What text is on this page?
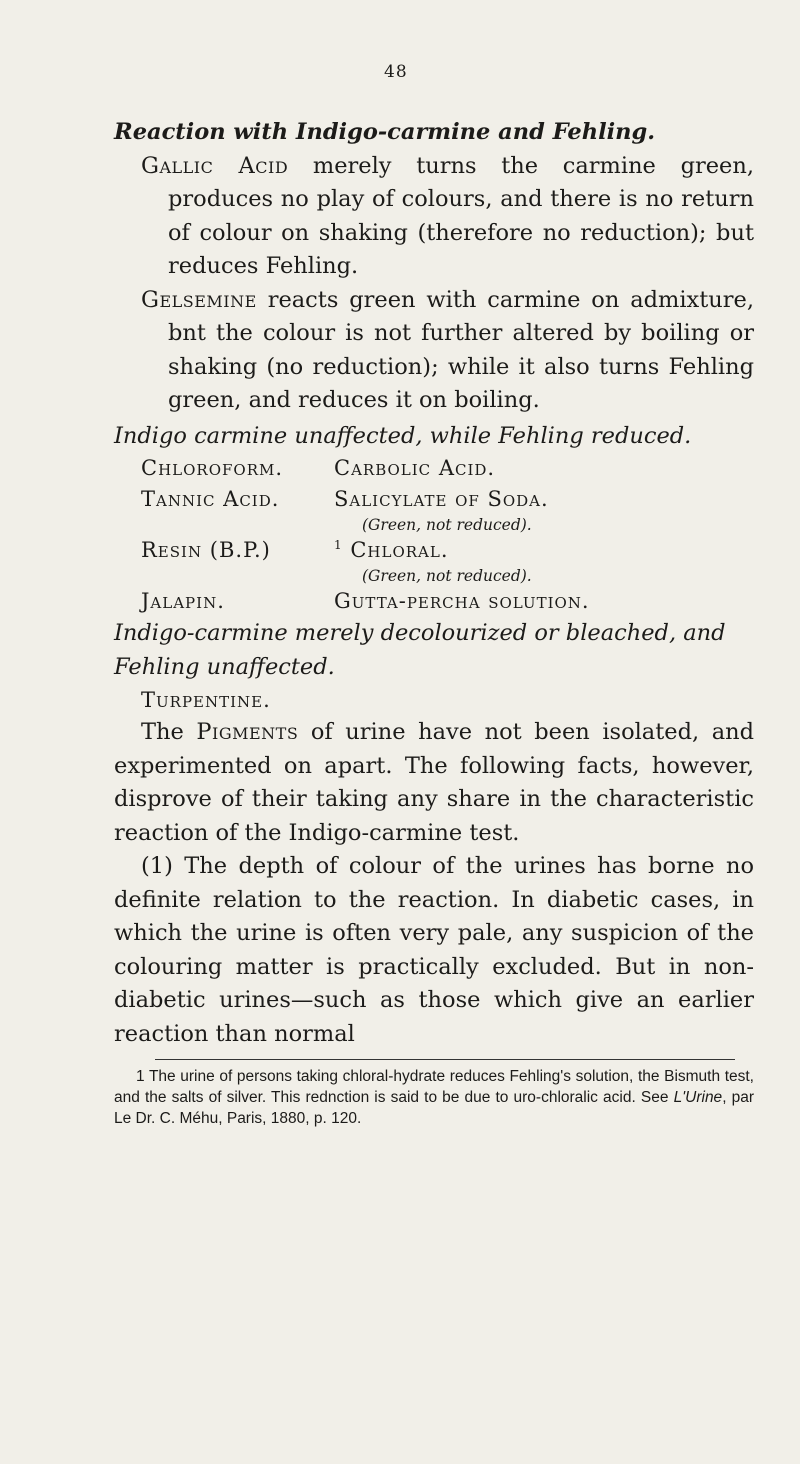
48

Reaction with Indigo-carmine and Fehling.

Gallic Acid merely turns the carmine green, produces no play of colours, and there is no return of colour on shaking (therefore no reduction); but reduces Fehling.

Gelsemine reacts green with carmine on admixture, bnt the colour is not further altered by boiling or shaking (no reduction); while it also turns Fehling green, and reduces it on boiling.

Indigo carmine unaffected, while Fehling reduced.

Chloroform.	Carbolic Acid.
Tannic Acid.	Salicylate of Soda.
(Green, not reduced).
Resin (B.P.)	$^1$ Chloral.
(Green, not reduced).
Jalapin.	Gutta-percha solution.

Indigo-carmine merely decolourized or bleached, and Fehling unaffected.

Turpentine.

The Pigments of urine have not been isolated, and experimented on apart. The following facts, however, disprove of their taking any share in the characteristic reaction of the Indigo-carmine test.

(1) The depth of colour of the urines has borne no definite relation to the reaction. In diabetic cases, in which the urine is often very pale, any suspicion of the colouring matter is practically excluded. But in non-diabetic urines—such as those which give an earlier reaction than normal

1 The urine of persons taking chloral-hydrate reduces Fehling's solution, the Bismuth test, and the salts of silver. This rednction is said to be due to uro-chloralic acid. See L'Urine, par Le Dr. C. Méhu, Paris, 1880, p. 120.
